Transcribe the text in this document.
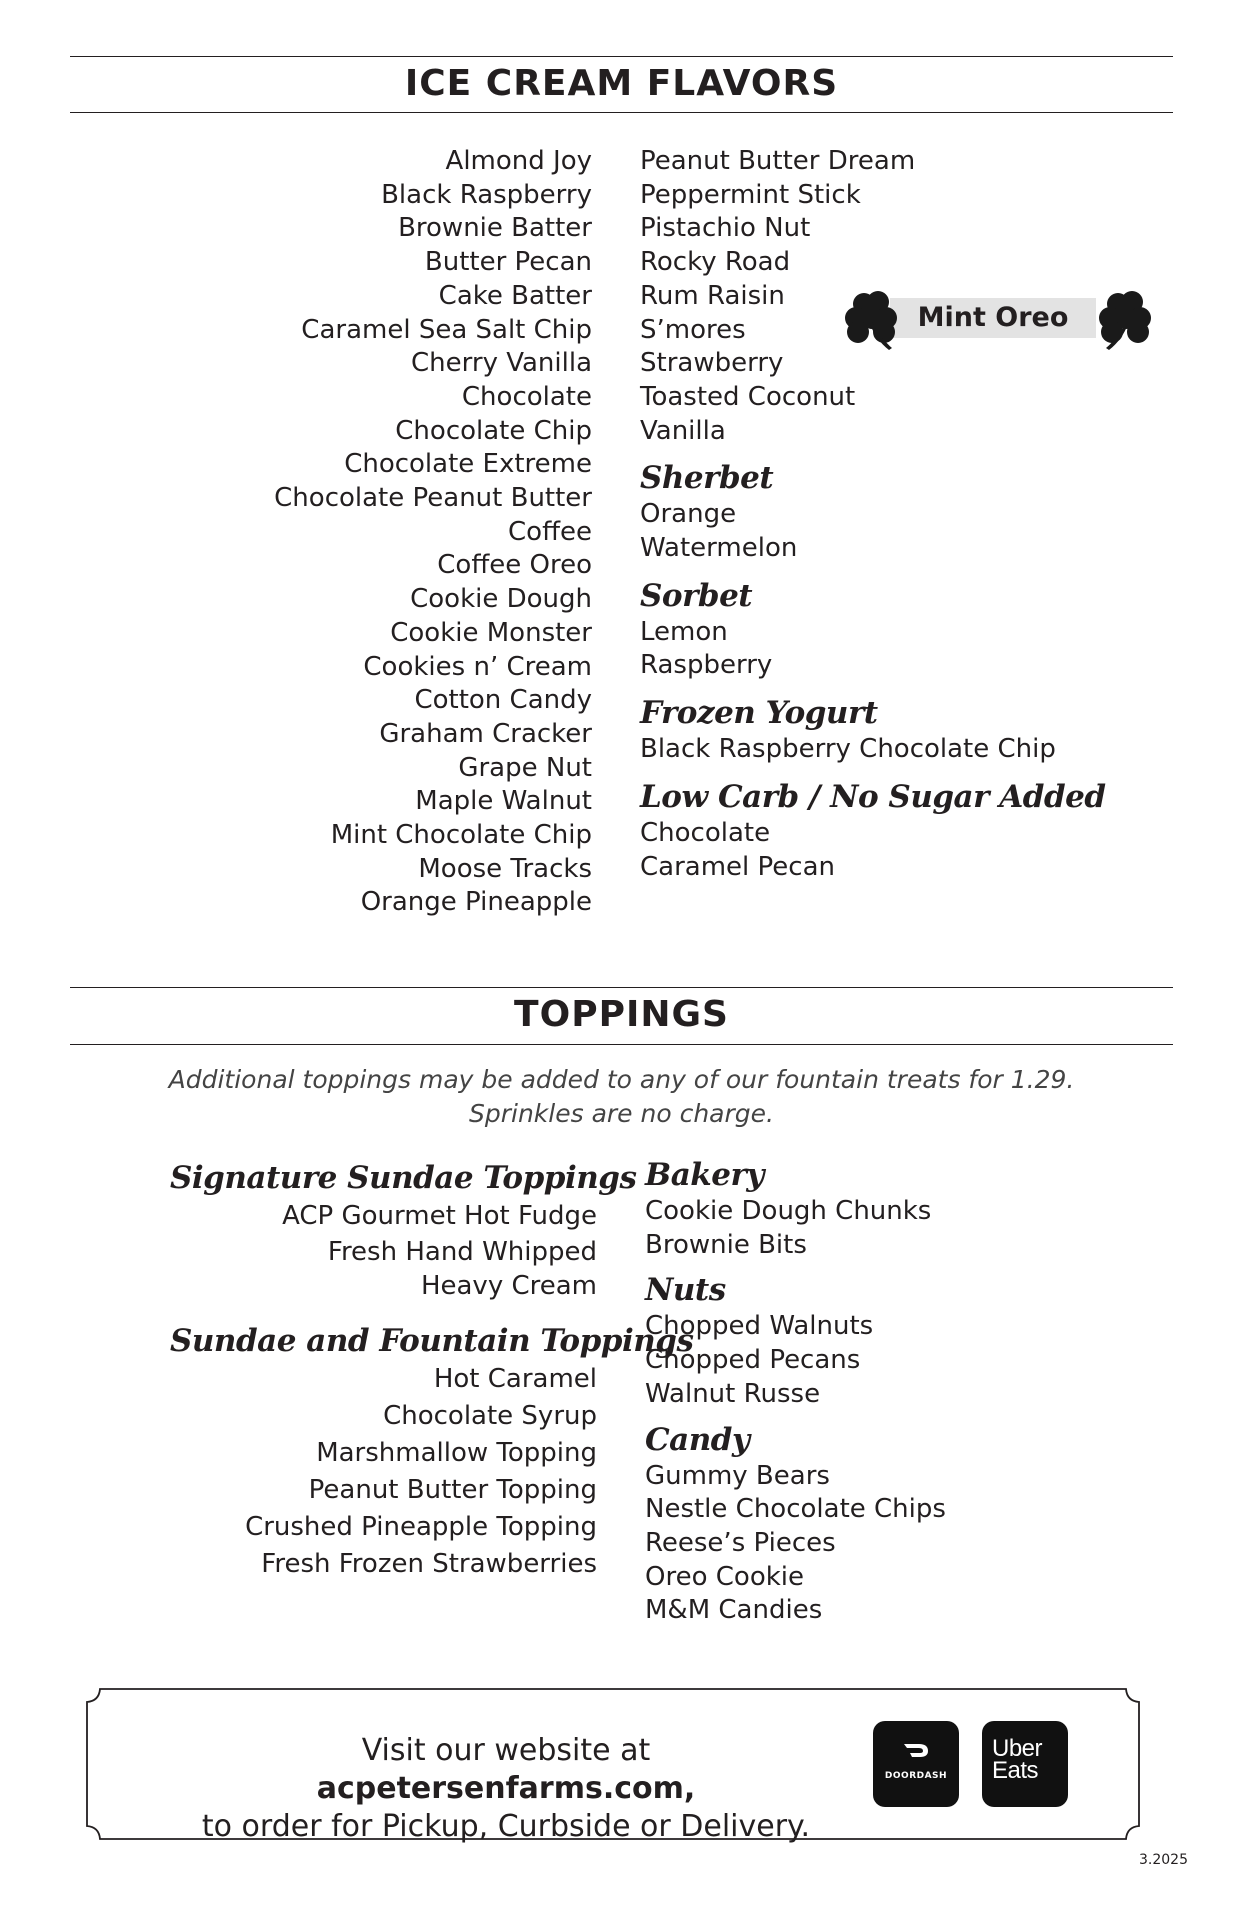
ICE CREAM FLAVORS
Almond Joy
Black Raspberry
Brownie Batter
Butter Pecan
Cake Batter
Caramel Sea Salt Chip
Cherry Vanilla
Chocolate
Chocolate Chip
Chocolate Extreme
Chocolate Peanut Butter
Coffee
Coffee Oreo
Cookie Dough
Cookie Monster
Cookies n’ Cream
Cotton Candy
Graham Cracker
Grape Nut
Maple Walnut
Mint Chocolate Chip
Moose Tracks
Orange Pineapple
Peanut Butter Dream
Peppermint Stick
Pistachio Nut
Rocky Road
Rum Raisin
S’mores
Strawberry
Toasted Coconut
Vanilla
Sherbet
Orange
Watermelon
Sorbet
Lemon
Raspberry
Frozen Yogurt
Black Raspberry Chocolate Chip
Low Carb / No Sugar Added
Chocolate
Caramel Pecan
Mint Oreo
TOPPINGS
Additional toppings may be added to any of our fountain treats for 1.29.
Sprinkles are no charge.
Signature Sundae Toppings
ACP Gourmet Hot Fudge
Fresh Hand Whipped
Heavy Cream
Sundae and Fountain Toppings
Hot Caramel
Chocolate Syrup
Marshmallow Topping
Peanut Butter Topping
Crushed Pineapple Topping
Fresh Frozen Strawberries
Bakery
Cookie Dough Chunks
Brownie Bits
Nuts
Chopped Walnuts
Chopped Pecans
Walnut Russe
Candy
Gummy Bears
Nestle Chocolate Chips
Reese’s Pieces
Oreo Cookie
M&M Candies
Visit our website at acpetersenfarms.com,
to order for Pickup, Curbside or Delivery.
DOORDASH
Uber
Eats
3.2025
